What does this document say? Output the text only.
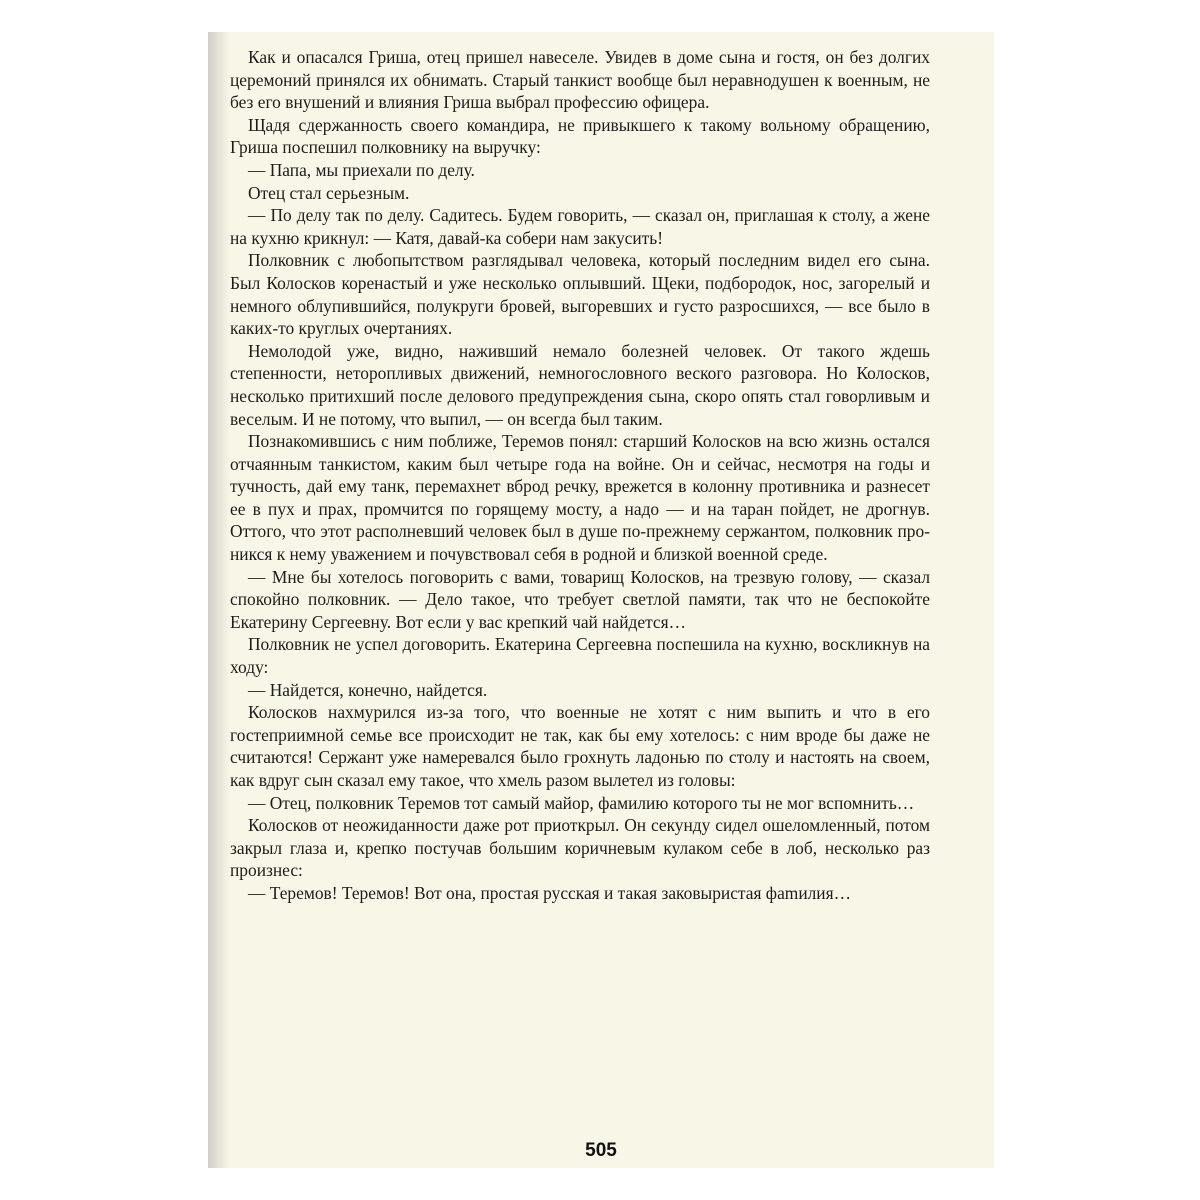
Как и опасался Гриша, отец пришел навеселе. Увидев в доме сына и гостя, он без долгих церемоний принялся их обнимать. Старый танкист вообще был неравнодушен к военным, не без его внушений и влияния Гриша выбрал профессию офицера.

Щадя сдержанность своего командира, не привыкшего к такому вольному обращению, Гриша поспешил полковнику на выручку:

— Папа, мы приехали по делу.

Отец стал серьезным.

— По делу так по делу. Садитесь. Будем говорить, — сказал он, приглашая к столу, а жене на кухню крикнул: — Катя, давай-ка собери нам закусить!

Полковник с любопытством разглядывал человека, который последним видел его сына. Был Колосков коренастый и уже несколько оплывший. Щеки, подбородок, нос, загорелый и немного облупившийся, полукруги бровей, выгоревших и густо разросшихся, — все было в каких-то круглых очертаниях.

Немолодой уже, видно, наживший немало болезней человек. От такого ждешь степенности, неторопливых движений, немногословного веского разговора. Но Колосков, несколько притихший после делового предупреждения сына, скоро опять стал говорливым и веселым. И не потому, что выпил, — он всегда был таким.

Познакомившись с ним поближе, Теремов понял: старший Колосков на всю жизнь остался отчаянным танкистом, каким был четыре года на войне. Он и сейчас, несмотря на годы и тучность, дай ему танк, перемахнет вброд речку, врежется в колонну противника и разнесет ее в пух и прах, промчится по горящему мосту, а надо — и на таран пойдет, не дрогнув. Оттого, что этот располневший человек был в душе по-прежнему сержантом, полковник проникся к нему уважением и почувствовал себя в родной и близкой военной среде.

— Мне бы хотелось поговорить с вами, товарищ Колосков, на трезвую голову, — сказал спокойно полковник. — Дело такое, что требует светлой памяти, так что не беспокойте Екатерину Сергеевну. Вот если у вас крепкий чай найдется…

Полковник не успел договорить. Екатерина Сергеевна поспешила на кухню, воскликнув на ходу:

— Найдется, конечно, найдется.

Колосков нахмурился из-за того, что военные не хотят с ним выпить и что в его гостеприимной семье все происходит не так, как бы ему хотелось: с ним вроде бы даже не считаются! Сержант уже намеревался было грохнуть ладонью по столу и настоять на своем, как вдруг сын сказал ему такое, что хмель разом вылетел из головы:

— Отец, полковник Теремов тот самый майор, фамилию которого ты не мог вспомнить…

Колосков от неожиданности даже рот приоткрыл. Он секунду сидел ошеломленный, потом закрыл глаза и, крепко постучав большим коричневым кулаком себе в лоб, несколько раз произнес:

— Теремов! Теремов! Вот она, простая русская и такая заковыристая фаmилия…

505
